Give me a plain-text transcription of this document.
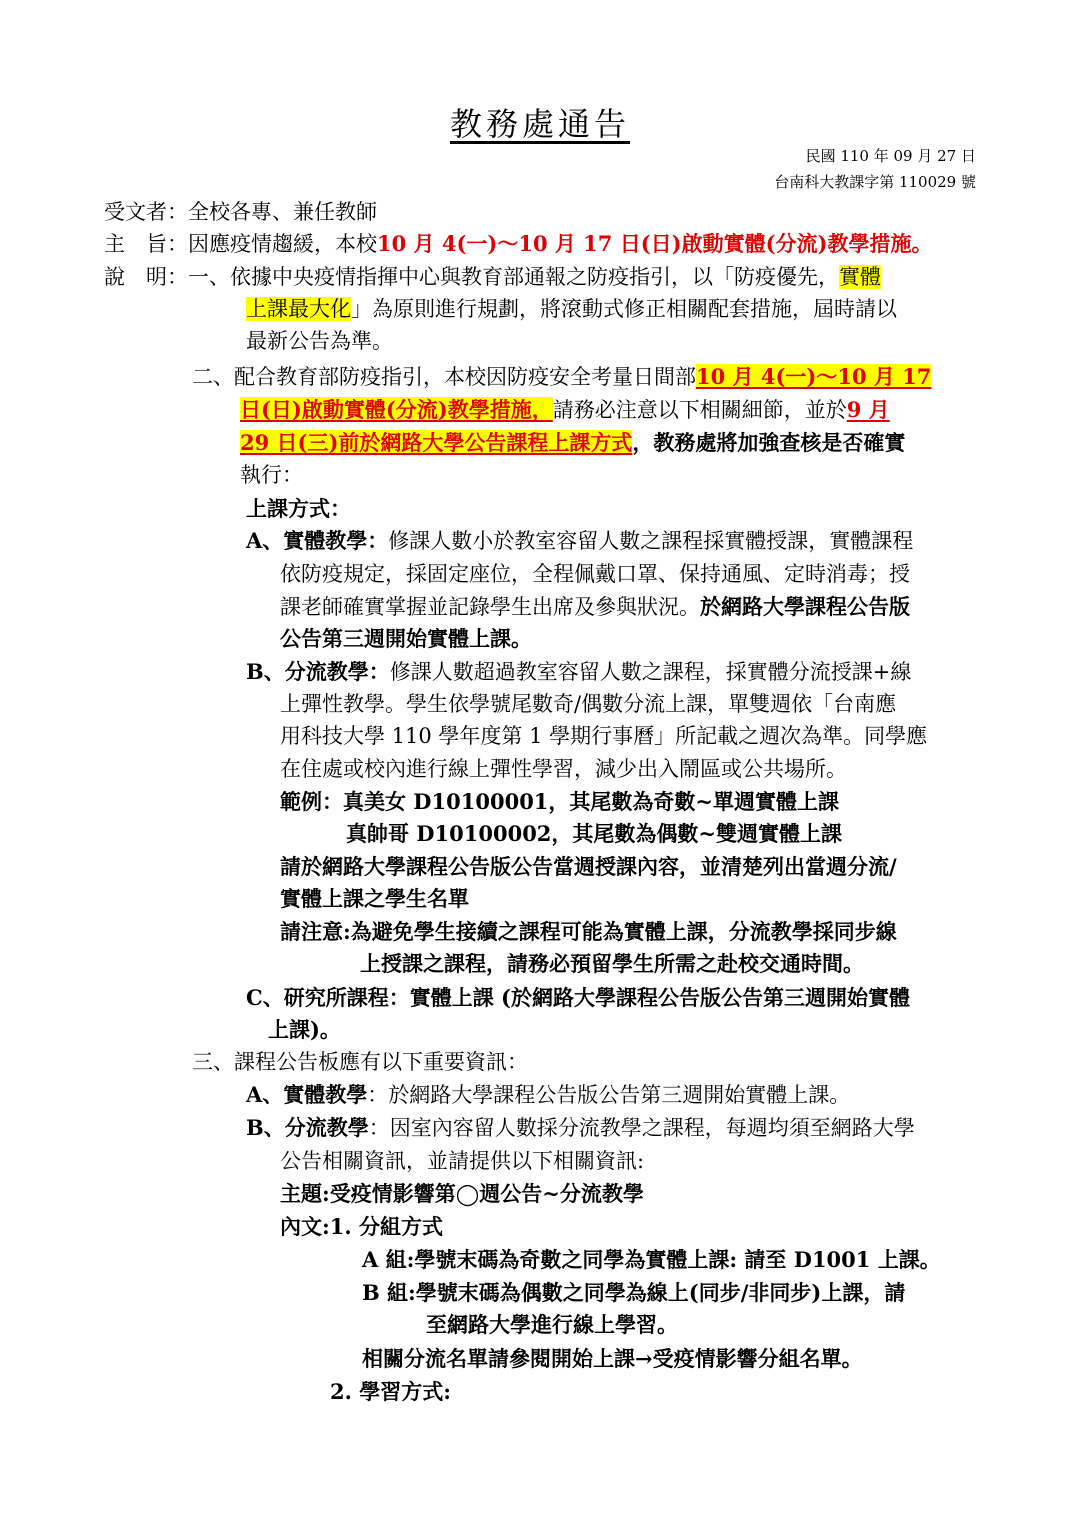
教務處通告
民國 110 年 09 月 27 日
台南科大教課字第 110029 號
受文者：全校各專、兼任教師
主　旨：因應疫情趨緩，本校10 月 4(一)～10 月 17 日(日)啟動實體(分流)教學措施。
說　明：一、依據中央疫情指揮中心與教育部通報之防疫指引，以「防疫優先，實體
上課最大化」為原則進行規劃，將滾動式修正相關配套措施，屆時請以
最新公告為準。
二、配合教育部防疫指引，本校因防疫安全考量日間部10 月 4(一)～10 月 17
日(日)啟動實體(分流)教學措施，請務必注意以下相關細節，並於9 月
29 日(三)前於網路大學公告課程上課方式，教務處將加強查核是否確實
執行：
上課方式：
A、實體教學：修課人數小於教室容留人數之課程採實體授課，實體課程
依防疫規定，採固定座位，全程佩戴口罩、保持通風、定時消毒；授
課老師確實掌握並記錄學生出席及參與狀況。於網路大學課程公告版
公告第三週開始實體上課。
B、分流教學：修課人數超過教室容留人數之課程，採實體分流授課+線
上彈性教學。學生依學號尾數奇/偶數分流上課，單雙週依「台南應
用科技大學 110 學年度第 1 學期行事曆」所記載之週次為準。同學應
在住處或校內進行線上彈性學習，減少出入鬧區或公共場所。
範例：真美女 D10100001，其尾數為奇數~單週實體上課
真帥哥 D10100002，其尾數為偶數~雙週實體上課
請於網路大學課程公告版公告當週授課內容，並清楚列出當週分流/
實體上課之學生名單
請注意:為避免學生接續之課程可能為實體上課，分流教學採同步線
上授課之課程，請務必預留學生所需之赴校交通時間。
C、研究所課程：實體上課 (於網路大學課程公告版公告第三週開始實體
上課)。
三、課程公告板應有以下重要資訊：
A、實體教學：於網路大學課程公告版公告第三週開始實體上課。
B、分流教學：因室內容留人數採分流教學之課程，每週均須至網路大學
公告相關資訊，並請提供以下相關資訊:
主題:受疫情影響第◯週公告~分流教學
內文:1. 分組方式
A 組:學號末碼為奇數之同學為實體上課: 請至 D1001 上課。
B 組:學號末碼為偶數之同學為線上(同步/非同步)上課，請
至網路大學進行線上學習。
相關分流名單請參閱開始上課→受疫情影響分組名單。
2. 學習方式:
